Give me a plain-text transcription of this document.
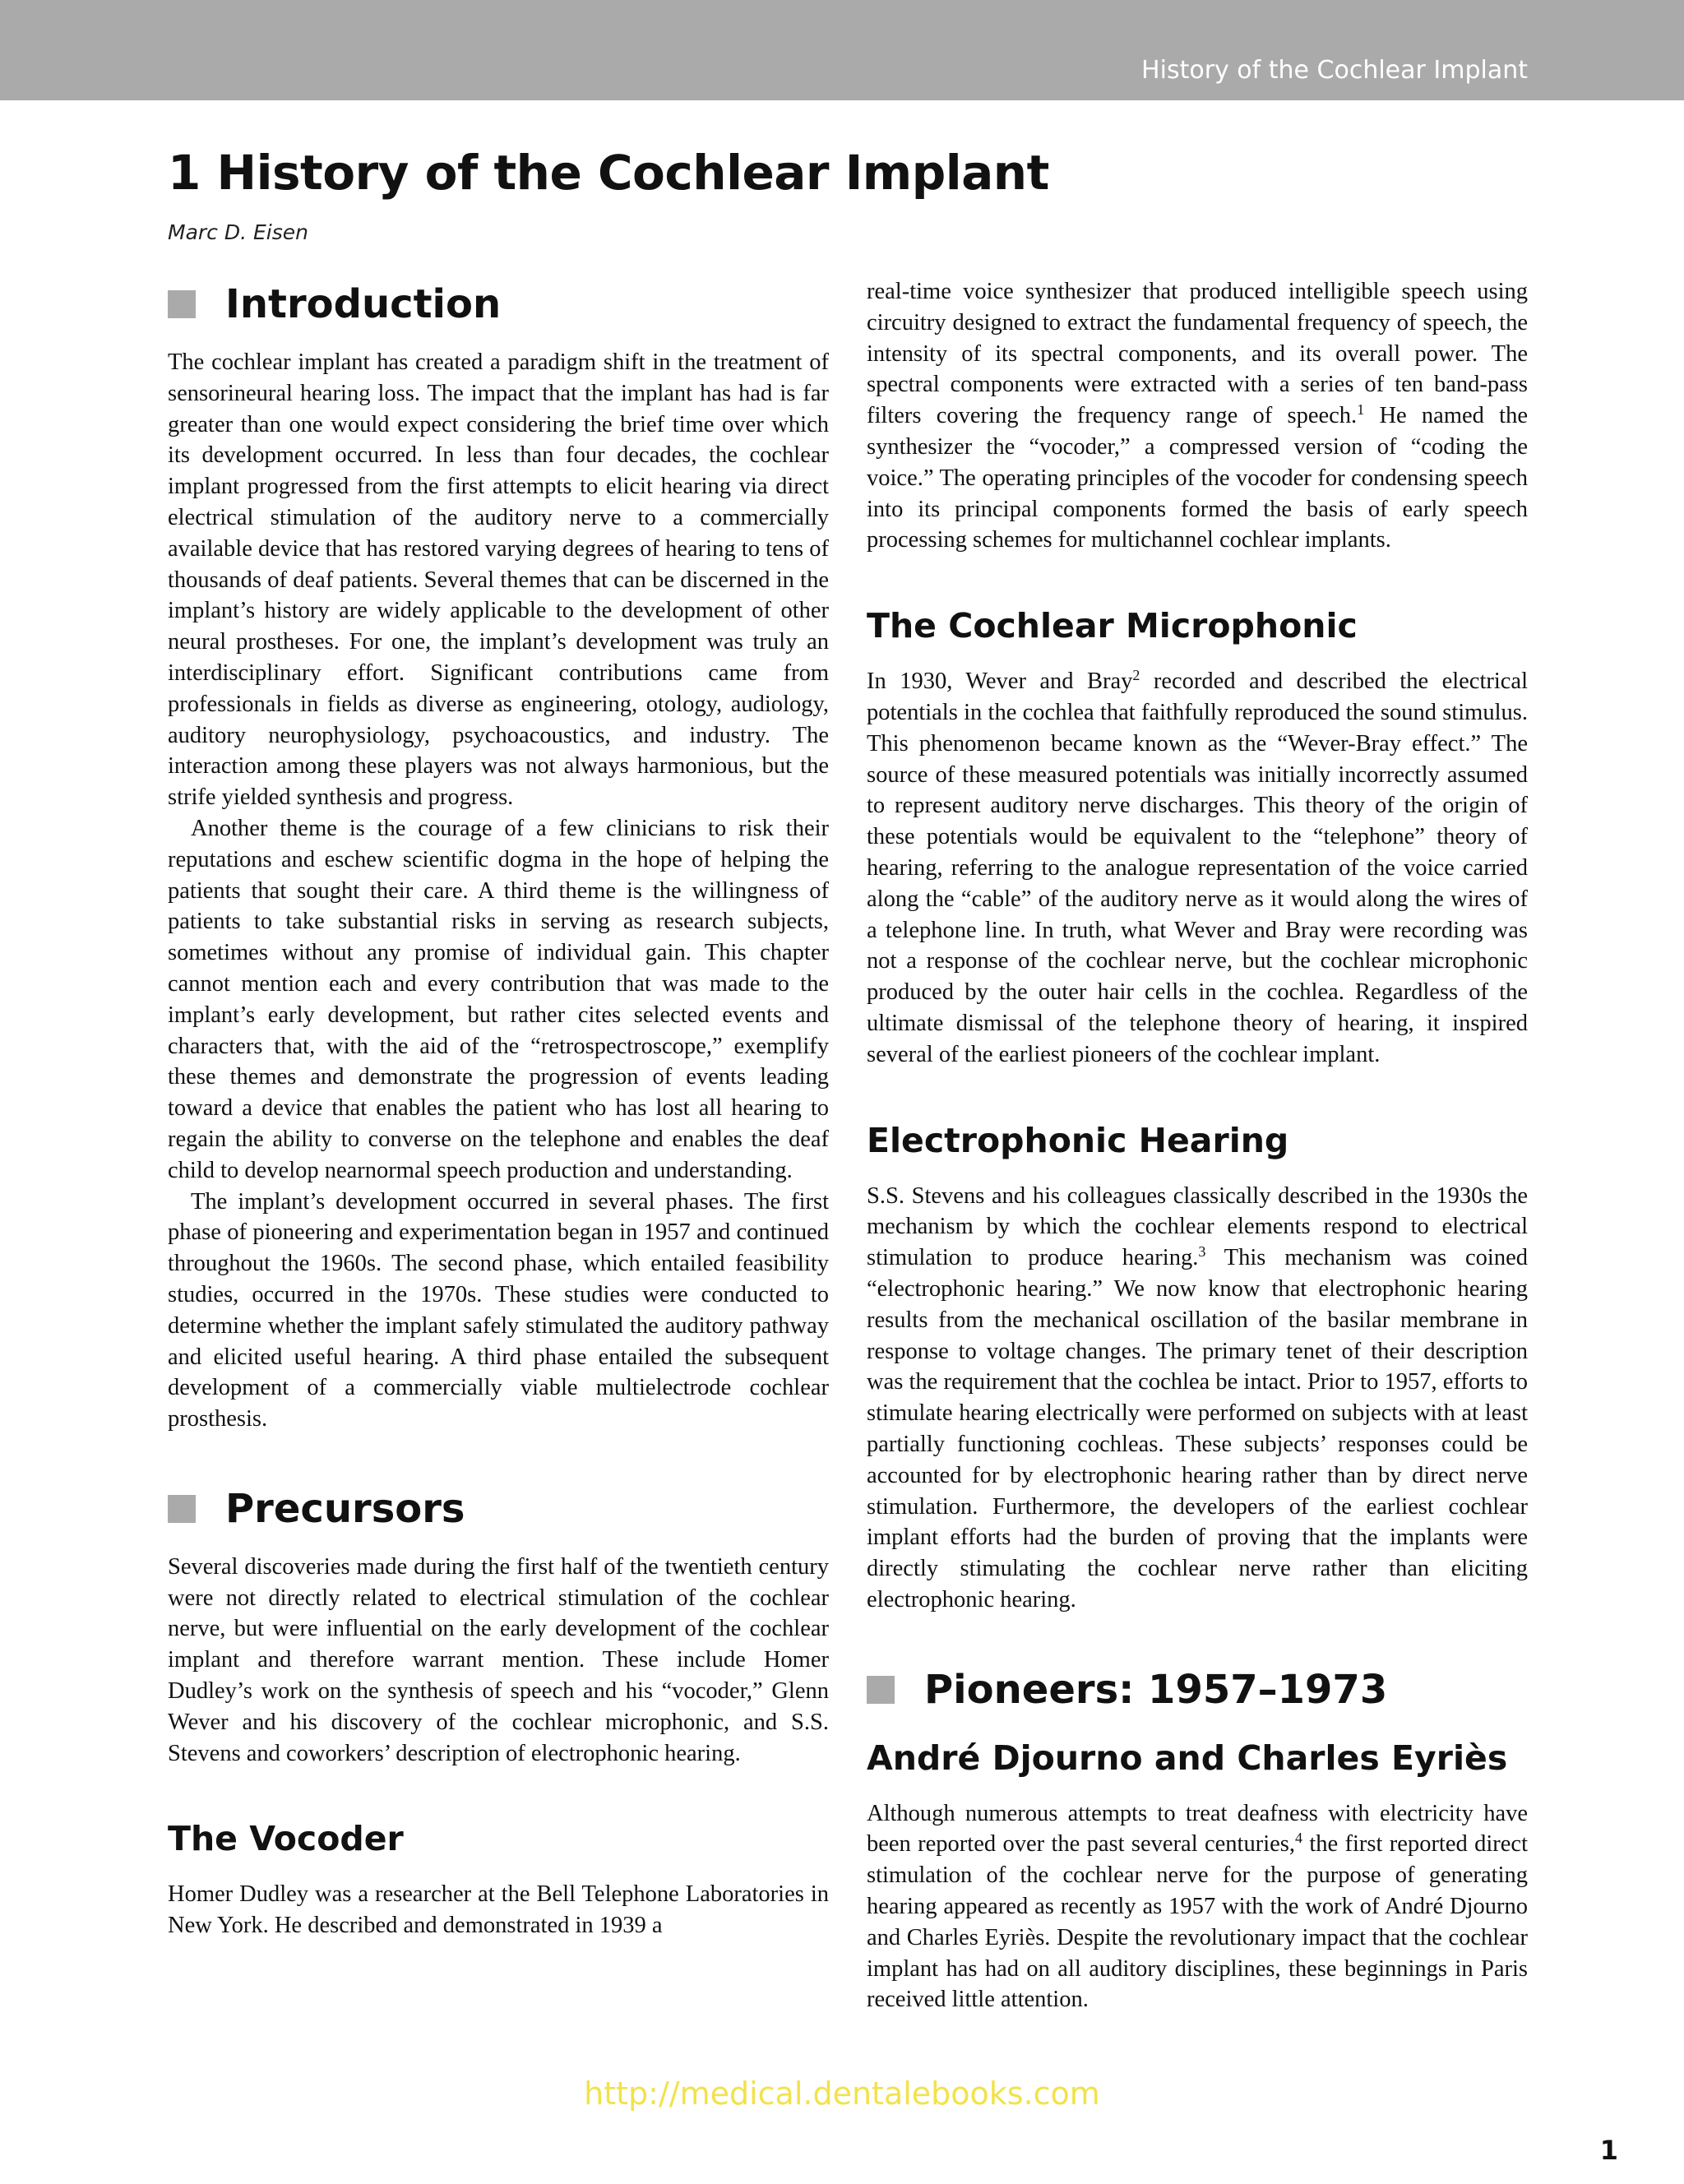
History of the Cochlear Implant
1 History of the Cochlear Implant
Marc D. Eisen
Introduction

The cochlear implant has created a paradigm shift in the treatment of sensorineural hearing loss. The impact that the implant has had is far greater than one would expect considering the brief time over which its development occurred. In less than four decades, the cochlear implant progressed from the first attempts to elicit hearing via direct electrical stimulation of the auditory nerve to a commercially available device that has restored varying degrees of hearing to tens of thousands of deaf patients. Several themes that can be discerned in the implant’s history are widely applicable to the development of other neural prostheses. For one, the implant’s development was truly an interdisciplinary effort. Significant contributions came from professionals in fields as diverse as engineering, otology, audiology, auditory neurophysiology, psychoacoustics, and industry. The interaction among these players was not always harmonious, but the strife yielded synthesis and progress.

Another theme is the courage of a few clinicians to risk their reputations and eschew scientific dogma in the hope of helping the patients that sought their care. A third theme is the willingness of patients to take substantial risks in serving as research subjects, sometimes without any promise of individual gain. This chapter cannot mention each and every contribution that was made to the implant’s early development, but rather cites selected events and characters that, with the aid of the “retrospectroscope,” exemplify these themes and demonstrate the progression of events leading toward a device that enables the patient who has lost all hearing to regain the ability to converse on the telephone and enables the deaf child to develop nearnormal speech production and understanding.

The implant’s development occurred in several phases. The first phase of pioneering and experimentation began in 1957 and continued throughout the 1960s. The second phase, which entailed feasibility studies, occurred in the 1970s. These studies were conducted to determine whether the implant safely stimulated the auditory pathway and elicited useful hearing. A third phase entailed the subsequent development of a commercially viable multielectrode cochlear prosthesis.

Precursors

Several discoveries made during the first half of the twentieth century were not directly related to electrical stimulation of the cochlear nerve, but were influential on the early development of the cochlear implant and therefore warrant mention. These include Homer Dudley’s work on the synthesis of speech and his “vocoder,” Glenn Wever and his discovery of the cochlear microphonic, and S.S. Stevens and coworkers’ description of electrophonic hearing.

The Vocoder

Homer Dudley was a researcher at the Bell Telephone Laboratories in New York. He described and demonstrated in 1939 a

real-time voice synthesizer that produced intelligible speech using circuitry designed to extract the fundamental frequency of speech, the intensity of its spectral components, and its overall power. The spectral components were extracted with a series of ten band-pass filters covering the frequency range of speech.$^1$ He named the synthesizer the “vocoder,” a compressed version of “coding the voice.” The operating principles of the vocoder for condensing speech into its principal components formed the basis of early speech processing schemes for multichannel cochlear implants.

The Cochlear Microphonic

In 1930, Wever and Bray$^2$ recorded and described the electrical potentials in the cochlea that faithfully reproduced the sound stimulus. This phenomenon became known as the “Wever-Bray effect.” The source of these measured potentials was initially incorrectly assumed to represent auditory nerve discharges. This theory of the origin of these potentials would be equivalent to the “telephone” theory of hearing, referring to the analogue representation of the voice carried along the “cable” of the auditory nerve as it would along the wires of a telephone line. In truth, what Wever and Bray were recording was not a response of the cochlear nerve, but the cochlear microphonic produced by the outer hair cells in the cochlea. Regardless of the ultimate dismissal of the telephone theory of hearing, it inspired several of the earliest pioneers of the cochlear implant.

Electrophonic Hearing

S.S. Stevens and his colleagues classically described in the 1930s the mechanism by which the cochlear elements respond to electrical stimulation to produce hearing.$^3$ This mechanism was coined “electrophonic hearing.” We now know that electrophonic hearing results from the mechanical oscillation of the basilar membrane in response to voltage changes. The primary tenet of their description was the requirement that the cochlea be intact. Prior to 1957, efforts to stimulate hearing electrically were performed on subjects with at least partially functioning cochleas. These subjects’ responses could be accounted for by electrophonic hearing rather than by direct nerve stimulation. Furthermore, the developers of the earliest cochlear implant efforts had the burden of proving that the implants were directly stimulating the cochlear nerve rather than eliciting electrophonic hearing.

Pioneers: 1957–1973
André Djourno and Charles Eyriès

Although numerous attempts to treat deafness with electricity have been reported over the past several centuries,$^4$ the first reported direct stimulation of the cochlear nerve for the purpose of generating hearing appeared as recently as 1957 with the work of André Djourno and Charles Eyriès. Despite the revolutionary impact that the cochlear implant has had on all auditory disciplines, these beginnings in Paris received little attention.

http://medical.dentalebooks.com
1
